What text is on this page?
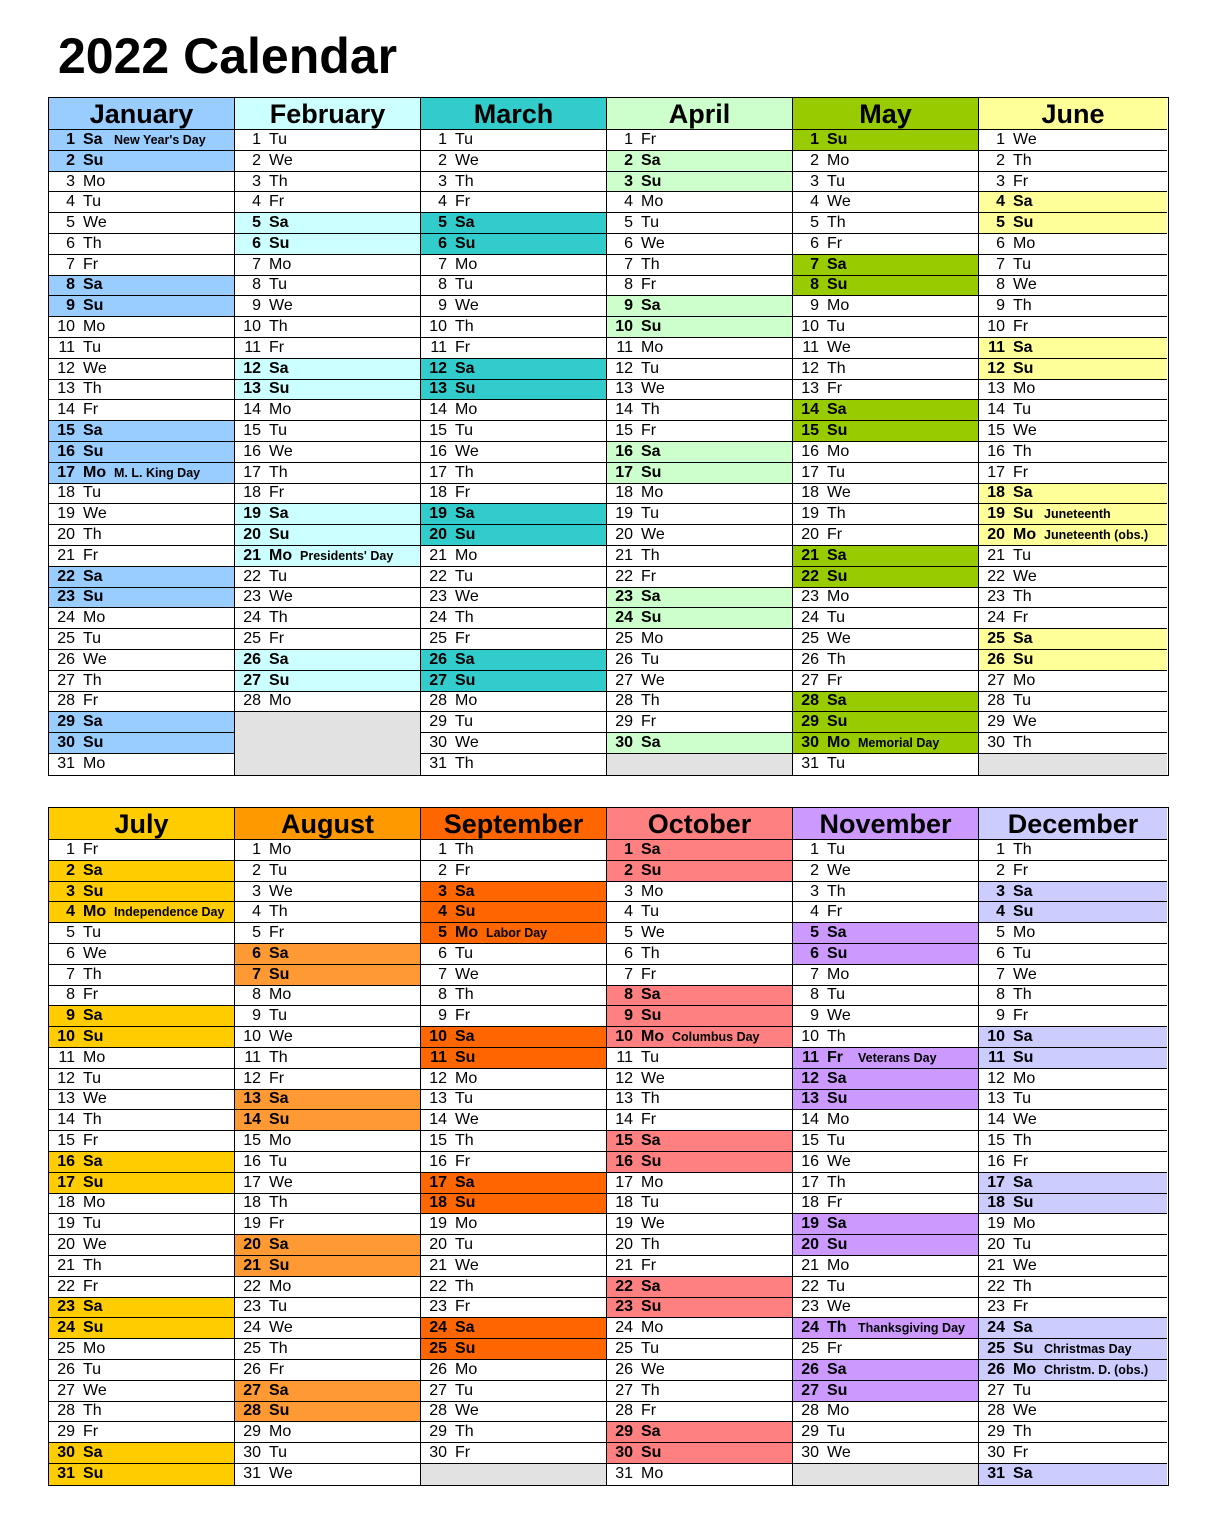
2022 Calendar
January
1 Sa New Year's Day
2 Su
3 Mo
4 Tu
5 We
6 Th
7 Fr
8 Sa
9 Su
10 Mo
11 Tu
12 We
13 Th
14 Fr
15 Sa
16 Su
17 Mo M. L. King Day
18 Tu
19 We
20 Th
21 Fr
22 Sa
23 Su
24 Mo
25 Tu
26 We
27 Th
28 Fr
29 Sa
30 Su
31 Mo
February
1 Tu
2 We
3 Th
4 Fr
5 Sa
6 Su
7 Mo
8 Tu
9 We
10 Th
11 Fr
12 Sa
13 Su
14 Mo
15 Tu
16 We
17 Th
18 Fr
19 Sa
20 Su
21 Mo Presidents' Day
22 Tu
23 We
24 Th
25 Fr
26 Sa
27 Su
28 Mo
March
1 Tu
2 We
3 Th
4 Fr
5 Sa
6 Su
7 Mo
8 Tu
9 We
10 Th
11 Fr
12 Sa
13 Su
14 Mo
15 Tu
16 We
17 Th
18 Fr
19 Sa
20 Su
21 Mo
22 Tu
23 We
24 Th
25 Fr
26 Sa
27 Su
28 Mo
29 Tu
30 We
31 Th
April
1 Fr
2 Sa
3 Su
4 Mo
5 Tu
6 We
7 Th
8 Fr
9 Sa
10 Su
11 Mo
12 Tu
13 We
14 Th
15 Fr
16 Sa
17 Su
18 Mo
19 Tu
20 We
21 Th
22 Fr
23 Sa
24 Su
25 Mo
26 Tu
27 We
28 Th
29 Fr
30 Sa
May
1 Su
2 Mo
3 Tu
4 We
5 Th
6 Fr
7 Sa
8 Su
9 Mo
10 Tu
11 We
12 Th
13 Fr
14 Sa
15 Su
16 Mo
17 Tu
18 We
19 Th
20 Fr
21 Sa
22 Su
23 Mo
24 Tu
25 We
26 Th
27 Fr
28 Sa
29 Su
30 Mo Memorial Day
31 Tu
June
1 We
2 Th
3 Fr
4 Sa
5 Su
6 Mo
7 Tu
8 We
9 Th
10 Fr
11 Sa
12 Su
13 Mo
14 Tu
15 We
16 Th
17 Fr
18 Sa
19 Su Juneteenth
20 Mo Juneteenth (obs.)
21 Tu
22 We
23 Th
24 Fr
25 Sa
26 Su
27 Mo
28 Tu
29 We
30 Th
July
1 Fr
2 Sa
3 Su
4 Mo Independence Day
5 Tu
6 We
7 Th
8 Fr
9 Sa
10 Su
11 Mo
12 Tu
13 We
14 Th
15 Fr
16 Sa
17 Su
18 Mo
19 Tu
20 We
21 Th
22 Fr
23 Sa
24 Su
25 Mo
26 Tu
27 We
28 Th
29 Fr
30 Sa
31 Su
August
1 Mo
2 Tu
3 We
4 Th
5 Fr
6 Sa
7 Su
8 Mo
9 Tu
10 We
11 Th
12 Fr
13 Sa
14 Su
15 Mo
16 Tu
17 We
18 Th
19 Fr
20 Sa
21 Su
22 Mo
23 Tu
24 We
25 Th
26 Fr
27 Sa
28 Su
29 Mo
30 Tu
31 We
September
1 Th
2 Fr
3 Sa
4 Su
5 Mo Labor Day
6 Tu
7 We
8 Th
9 Fr
10 Sa
11 Su
12 Mo
13 Tu
14 We
15 Th
16 Fr
17 Sa
18 Su
19 Mo
20 Tu
21 We
22 Th
23 Fr
24 Sa
25 Su
26 Mo
27 Tu
28 We
29 Th
30 Fr
October
1 Sa
2 Su
3 Mo
4 Tu
5 We
6 Th
7 Fr
8 Sa
9 Su
10 Mo Columbus Day
11 Tu
12 We
13 Th
14 Fr
15 Sa
16 Su
17 Mo
18 Tu
19 We
20 Th
21 Fr
22 Sa
23 Su
24 Mo
25 Tu
26 We
27 Th
28 Fr
29 Sa
30 Su
31 Mo
November
1 Tu
2 We
3 Th
4 Fr
5 Sa
6 Su
7 Mo
8 Tu
9 We
10 Th
11 Fr	Veterans Day
12 Sa
13 Su
14 Mo
15 Tu
16 We
17 Th
18 Fr
19 Sa
20 Su
21 Mo
22 Tu
23 We
24 Th Thanksgiving Day
25 Fr
26 Sa
27 Su
28 Mo
29 Tu
30 We
December
1 Th
2 Fr
3 Sa
4 Su
5 Mo
6 Tu
7 We
8 Th
9 Fr
10 Sa
11 Su
12 Mo
13 Tu
14 We
15 Th
16 Fr
17 Sa
18 Su
19 Mo
20 Tu
21 We
22 Th
23 Fr
24 Sa
25 Su Christmas Day
26 Mo Christm. D. (obs.)
27 Tu
28 We
29 Th
30 Fr
31 Sa
